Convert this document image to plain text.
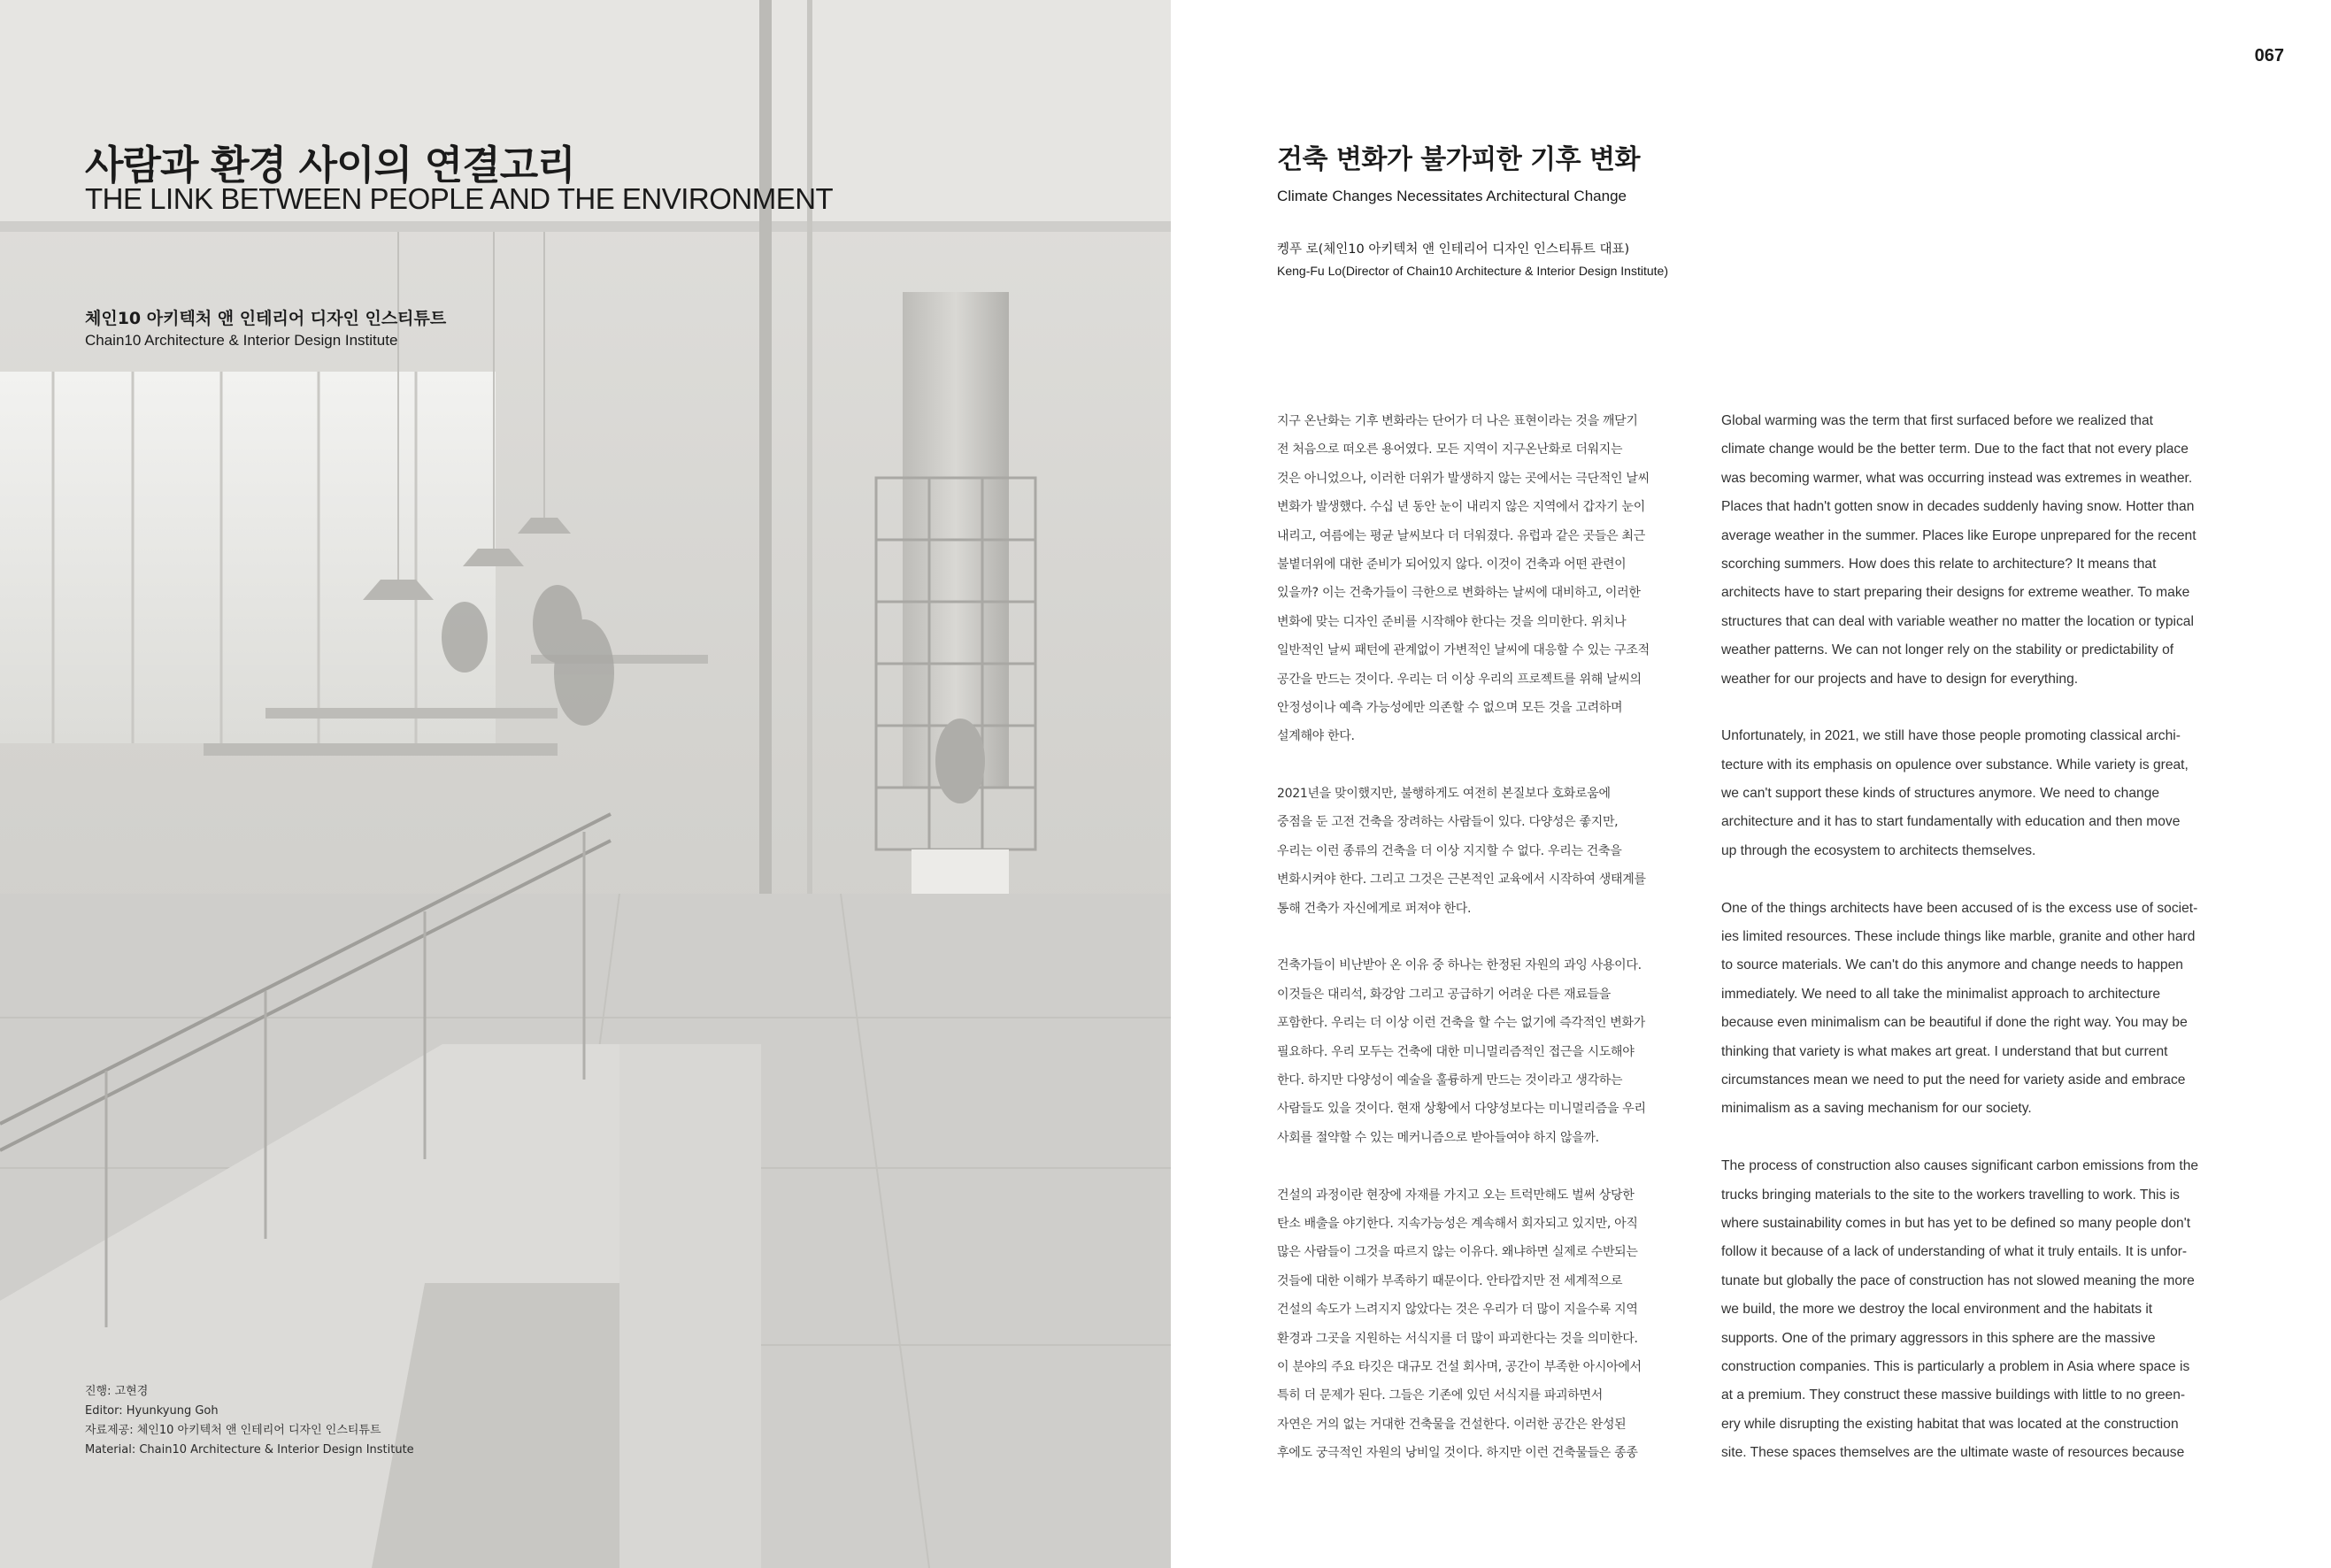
사람과 환경 사이의 연결고리
THE LINK BETWEEN PEOPLE AND THE ENVIRONMENT
체인10 아키텍처 앤 인테리어 디자인 인스티튜트
Chain10 Architecture & Interior Design Institute
진행: 고현경
Editor: Hyunkyung Goh
자료제공: 체인10 아키텍처 앤 인테리어 디자인 인스티튜트
Material: Chain10 Architecture & Interior Design Institute
067
건축 변화가 불가피한 기후 변화
Climate Changes Necessitates Architectural Change
켕푸 로(체인10 아키텍처 앤 인테리어 디자인 인스티튜트 대표)
Keng-Fu Lo(Director of Chain10 Architecture & Interior Design Institute)
지구 온난화는 기후 변화라는 단어가 더 나은 표현이라는 것을 깨닫기
전 처음으로 떠오른 용어였다. 모든 지역이 지구온난화로 더워지는
것은 아니었으나, 이러한 더위가 발생하지 않는 곳에서는 극단적인 날씨
변화가 발생했다. 수십 년 동안 눈이 내리지 않은 지역에서 갑자기 눈이
내리고, 여름에는 평균 날씨보다 더 더워졌다. 유럽과 같은 곳들은 최근
불볕더위에 대한 준비가 되어있지 않다. 이것이 건축과 어떤 관련이
있을까? 이는 건축가들이 극한으로 변화하는 날씨에 대비하고, 이러한
변화에 맞는 디자인 준비를 시작해야 한다는 것을 의미한다. 위치나
일반적인 날씨 패턴에 관계없이 가변적인 날씨에 대응할 수 있는 구조적
공간을 만드는 것이다. 우리는 더 이상 우리의 프로젝트를 위해 날씨의
안정성이나 예측 가능성에만 의존할 수 없으며 모든 것을 고려하며
설계해야 한다.
2021년을 맞이했지만, 불행하게도 여전히 본질보다 호화로움에
중점을 둔 고전 건축을 장려하는 사람들이 있다. 다양성은 좋지만,
우리는 이런 종류의 건축을 더 이상 지지할 수 없다. 우리는 건축을
변화시켜야 한다. 그리고 그것은 근본적인 교육에서 시작하여 생태계를
통해 건축가 자신에게로 퍼져야 한다.
건축가들이 비난받아 온 이유 중 하나는 한정된 자원의 과잉 사용이다.
이것들은 대리석, 화강암 그리고 공급하기 어려운 다른 재료들을
포함한다. 우리는 더 이상 이런 건축을 할 수는 없기에 즉각적인 변화가
필요하다. 우리 모두는 건축에 대한 미니멀리즘적인 접근을 시도해야
한다. 하지만 다양성이 예술을 훌륭하게 만드는 것이라고 생각하는
사람들도 있을 것이다. 현재 상황에서 다양성보다는 미니멀리즘을 우리
사회를 절약할 수 있는 메커니즘으로 받아들여야 하지 않을까.
건설의 과정이란 현장에 자재를 가지고 오는 트럭만해도 벌써 상당한
탄소 배출을 야기한다. 지속가능성은 계속해서 회자되고 있지만, 아직
많은 사람들이 그것을 따르지 않는 이유다. 왜냐하면 실제로 수반되는
것들에 대한 이해가 부족하기 때문이다. 안타깝지만 전 세계적으로
건설의 속도가 느려지지 않았다는 것은 우리가 더 많이 지을수록 지역
환경과 그곳을 지원하는 서식지를 더 많이 파괴한다는 것을 의미한다.
이 분야의 주요 타깃은 대규모 건설 회사며, 공간이 부족한 아시아에서
특히 더 문제가 된다. 그들은 기존에 있던 서식지를 파괴하면서
자연은 거의 없는 거대한 건축물을 건설한다. 이러한 공간은 완성된
후에도 궁극적인 자원의 낭비일 것이다. 하지만 이런 건축물들은 종종
Global warming was the term that first surfaced before we realized that
climate change would be the better term. Due to the fact that not every place
was becoming warmer, what was occurring instead was extremes in weather.
Places that hadn't gotten snow in decades suddenly having snow. Hotter than
average weather in the summer. Places like Europe unprepared for the recent
scorching summers. How does this relate to architecture? It means that
architects have to start preparing their designs for extreme weather. To make
structures that can deal with variable weather no matter the location or typical
weather patterns. We can not longer rely on the stability or predictability of
weather for our projects and have to design for everything.
Unfortunately, in 2021, we still have those people promoting classical archi-
tecture with its emphasis on opulence over substance. While variety is great,
we can't support these kinds of structures anymore. We need to change
architecture and it has to start fundamentally with education and then move
up through the ecosystem to architects themselves.
One of the things architects have been accused of is the excess use of societ-
ies limited resources. These include things like marble, granite and other hard
to source materials. We can't do this anymore and change needs to happen
immediately. We need to all take the minimalist approach to architecture
because even minimalism can be beautiful if done the right way. You may be
thinking that variety is what makes art great. I understand that but current
circumstances mean we need to put the need for variety aside and embrace
minimalism as a saving mechanism for our society.
The process of construction also causes significant carbon emissions from the
trucks bringing materials to the site to the workers travelling to work. This is
where sustainability comes in but has yet to be defined so many people don't
follow it because of a lack of understanding of what it truly entails. It is unfor-
tunate but globally the pace of construction has not slowed meaning the more
we build, the more we destroy the local environment and the habitats it
supports. One of the primary aggressors in this sphere are the massive
construction companies. This is particularly a problem in Asia where space is
at a premium. They construct these massive buildings with little to no green-
ery while disrupting the existing habitat that was located at the construction
site. These spaces themselves are the ultimate waste of resources because
